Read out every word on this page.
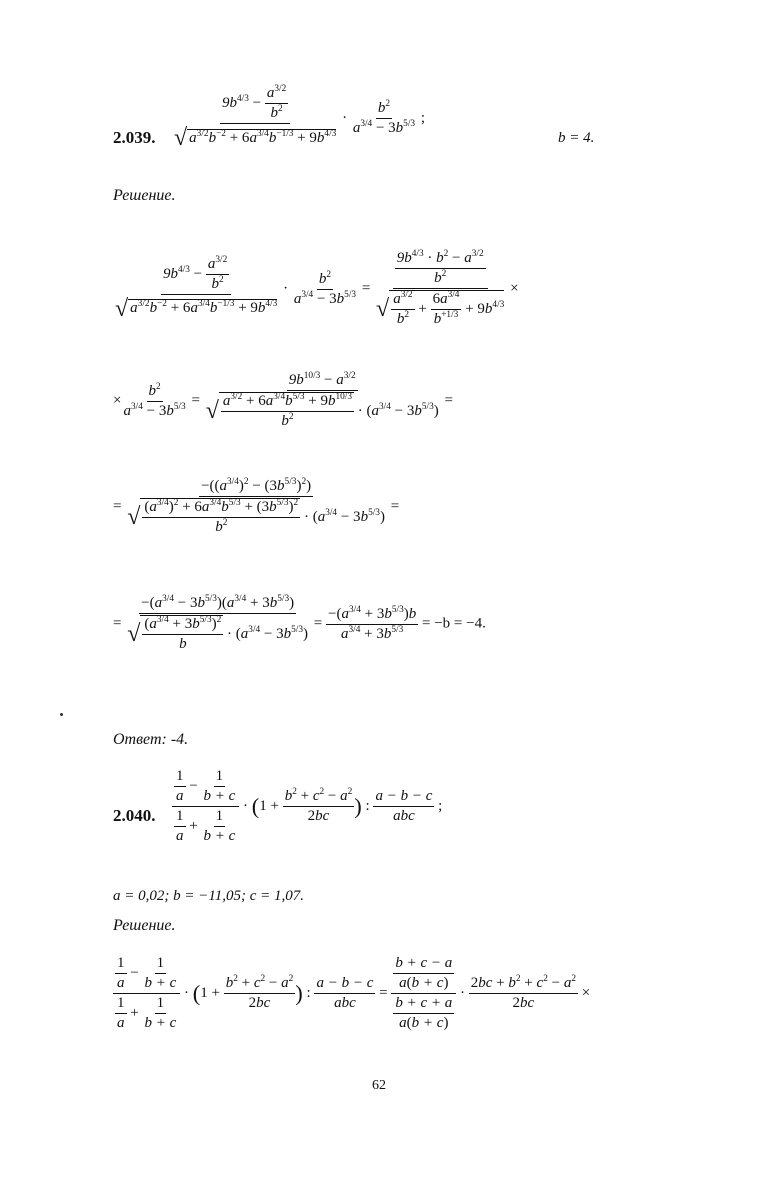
2.039. $\frac{9b^{4/3} - \frac{a^{3/2}}{b^2}}{√ a^{3/2}b^{-2} + 6a^{3/4}b^{-1/3} + 9b^{4/3}} \cdot \frac{b^2}{a^{3/4} - 3b^{5/3}}$ ;
b = 4.
Решение.
$\frac{9b^{4/3} - \frac{a^{3/2}}{b^2}}{√ a^{3/2}b^{-2} + 6a^{3/4}b^{-1/3} + 9b^{4/3}} \cdot \frac{b^2}{a^{3/4} - 3b^{5/3}} = \frac{\frac{9b^{4/3} \cdot b^2 - a^{3/2}}{b^2}}{√ \frac{a^{3/2}}{b^2} + \frac{6a^{3/4}}{b^{+1/3}} + 9b^{4/3}}$ ×
× $\frac{b^2}{a^{3/4} - 3b^{5/3}} = \frac{9b^{10/3} - a^{3/2}}{√ \frac{a^{3/2} + 6a^{3/4}b^{5/3} + 9b^{10/3}}{b^2} \cdot (a^{3/4} - 3b^{5/3})}$ =
= $\frac{-((a^{3/4})^2 - (3b^{5/3})^2)}{√ \frac{(a^{3/4})^2 + 6a^{3/4}b^{5/3} + (3b^{5/3})^2}{b^2} \cdot (a^{3/4} - 3b^{5/3})}$ =
= $\frac{-(a^{3/4} - 3b^{5/3})(a^{3/4} + 3b^{5/3})}{√ \frac{(a^{3/4} + 3b^{5/3})^2}{b} \cdot (a^{3/4} - 3b^{5/3})} = \frac{-(a^{3/4} + 3b^{5/3})b}{a^{3/4} + 3b^{5/3}} = -b = -4$.
Ответ: -4.
2.040. $\frac{\frac{1}{a} - \frac{1}{b + c}}{\frac{1}{a} + \frac{1}{b + c}} \cdot (1 + \frac{b^2 + c^2 - a^2}{2bc}$ ) : $\frac{a - b - c}{\text{abc}}$ ;
a = 0,02; b = −11,05; c = 1,07.
Решение.
$\frac{\frac{1}{a} - \frac{1}{b + c}}{\frac{1}{a} + \frac{1}{b + c}} \cdot (1 + \frac{b^2 + c^2 - a^2}{2bc}$ ) : $\frac{a - b - c}{\text{abc}} = \frac{\frac{b + c - a}{a(b + c)}}{\frac{b + c + a}{a(b + c)}} \cdot \frac{2bc + b^2 + c^2 - a^2}{2bc}$ ×
62
